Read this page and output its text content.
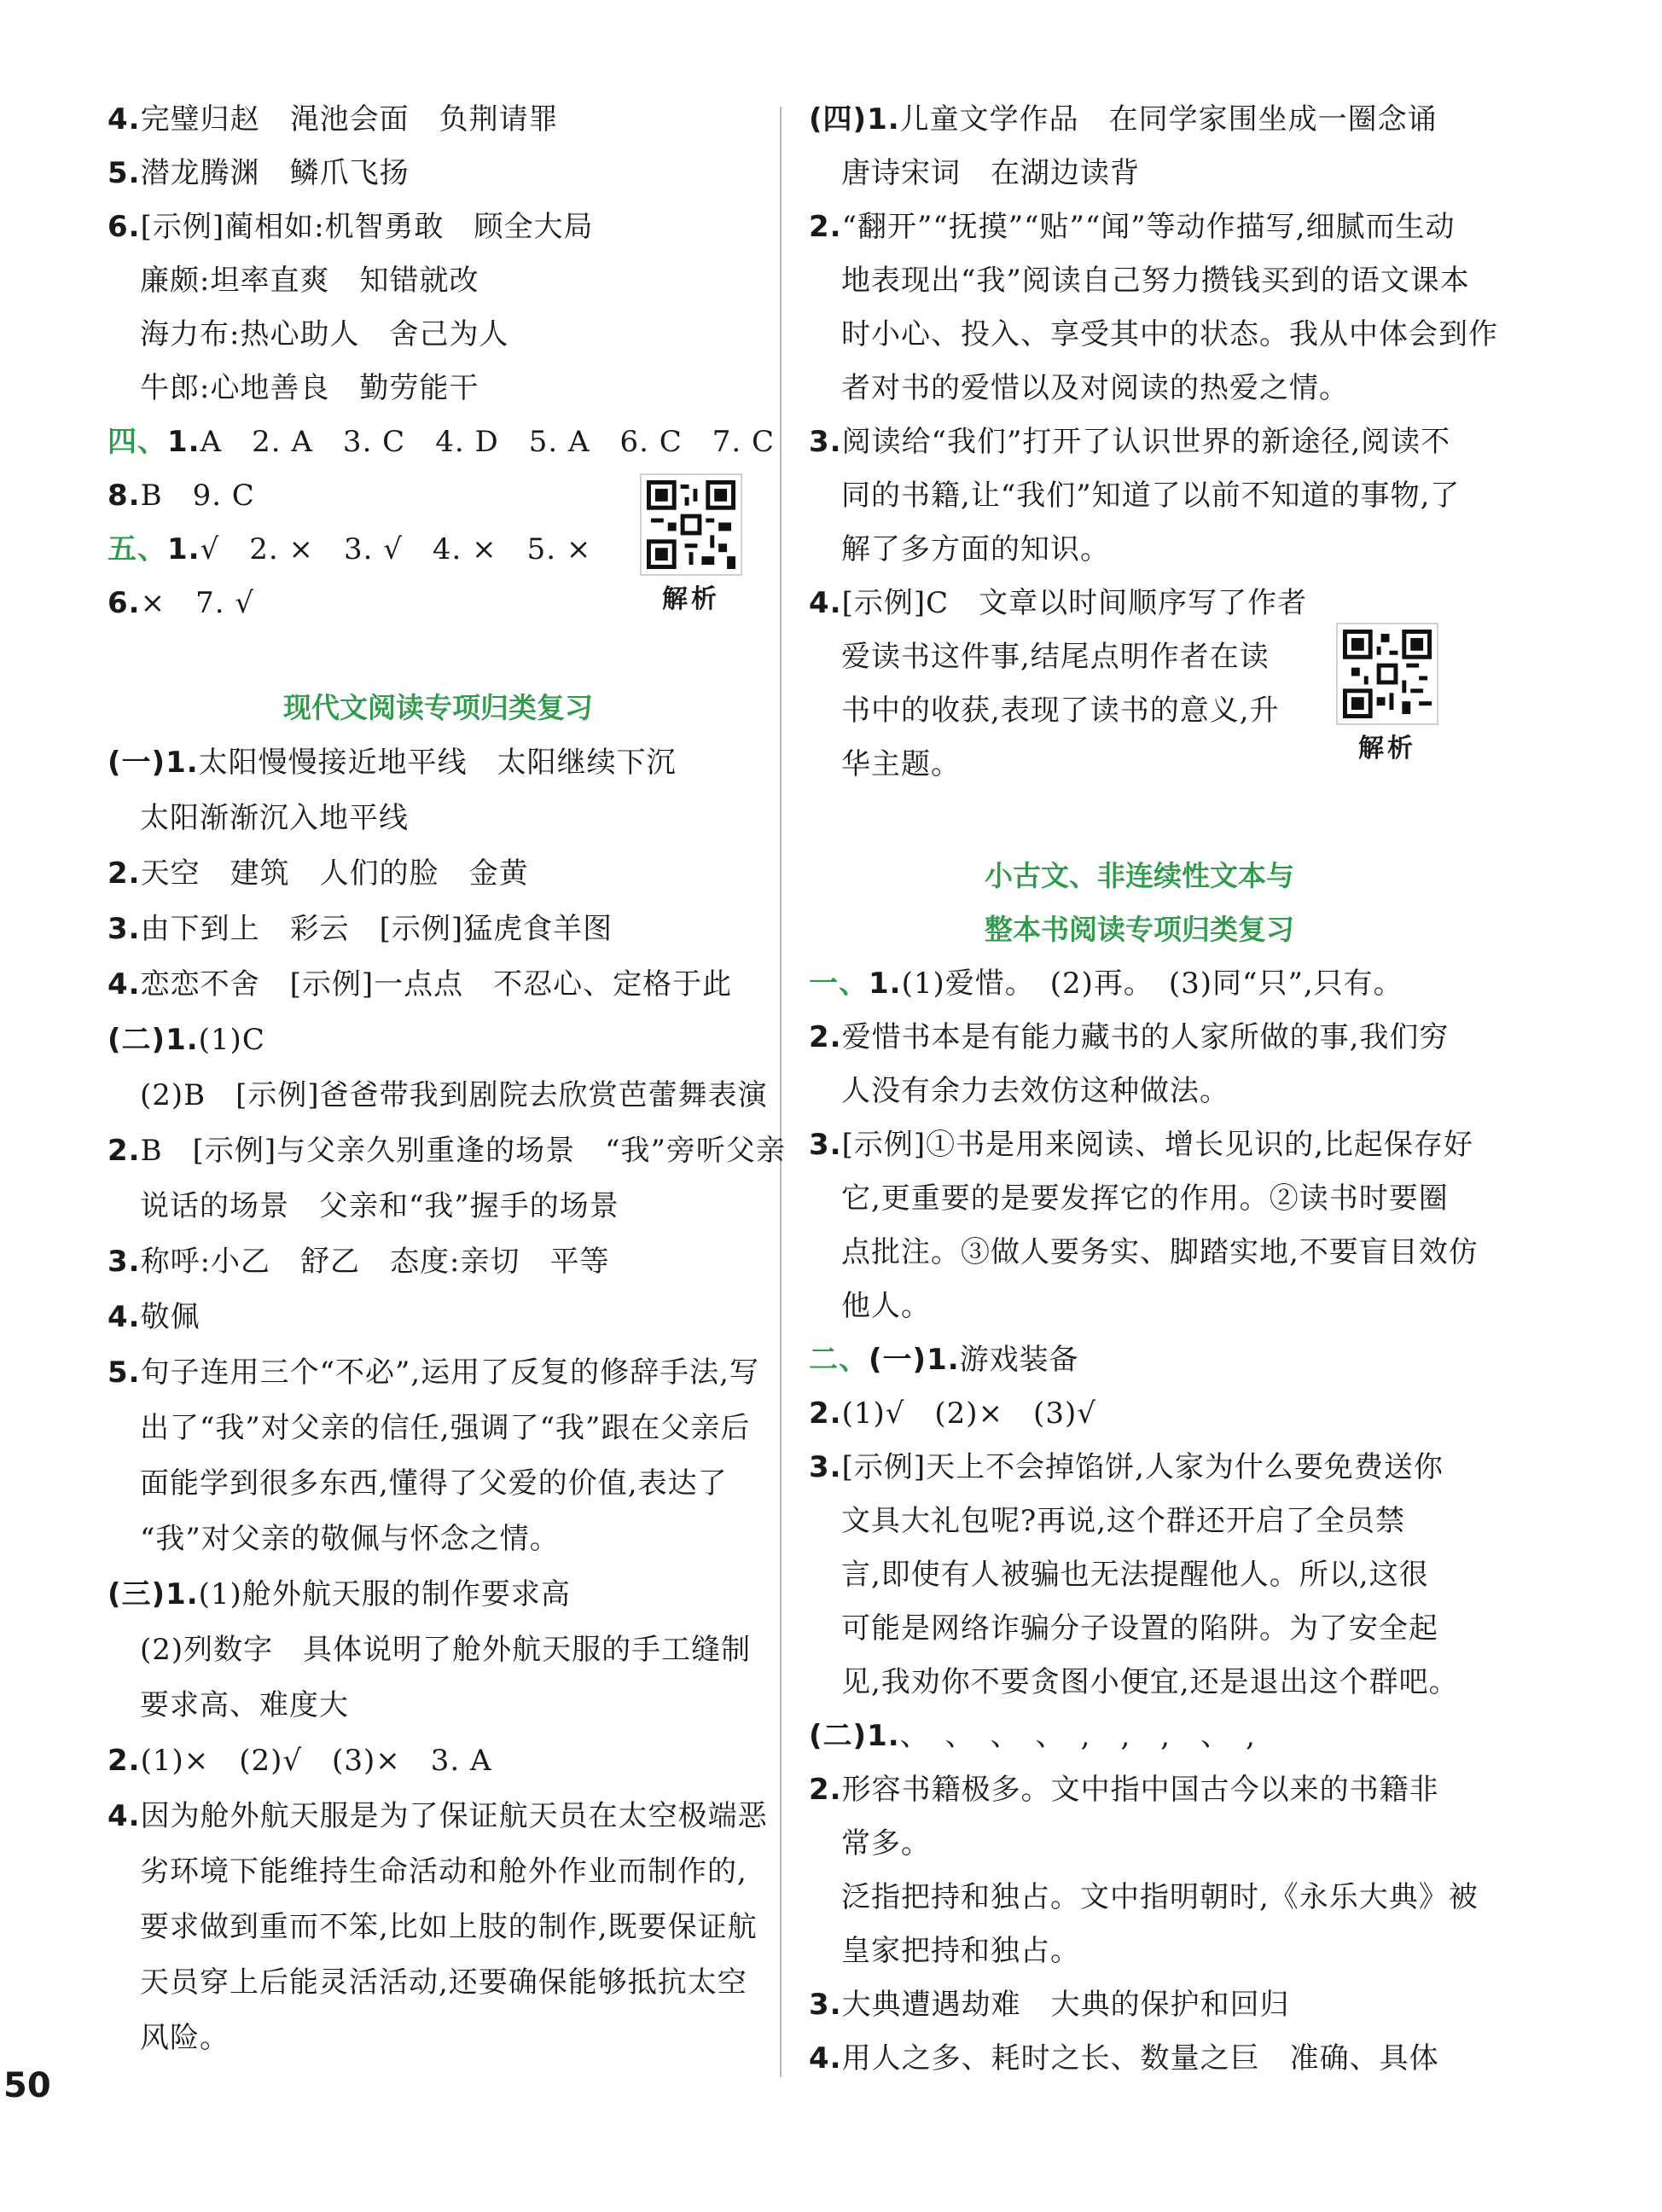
4.完璧归赵　渑池会面　负荆请罪
5.潜龙腾渊　鳞爪飞扬
6.[示例]蔺相如:机智勇敢　顾全大局
廉颇:坦率直爽　知错就改
海力布:热心助人　舍己为人
牛郎:心地善良　勤劳能干
四、1.A　2. A　3. C　4. D　5. A　6. C　7. C
8.B　9. C
五、1.√　2. ×　3. √　4. ×　5. ×
6.×　7. √	解析
现代文阅读专项归类复习
(一)1.太阳慢慢接近地平线　太阳继续下沉
太阳渐渐沉入地平线
2.天空　建筑　人们的脸　金黄
3.由下到上　彩云　[示例]猛虎食羊图
4.恋恋不舍　[示例]一点点　不忍心、定格于此
(二)1.(1)C
(2)B　[示例]爸爸带我到剧院去欣赏芭蕾舞表演
2.B　[示例]与父亲久别重逢的场景　“我”旁听父亲
说话的场景　父亲和“我”握手的场景
3.称呼:小乙　舒乙　态度:亲切　平等
4.敬佩
5.句子连用三个“不必”,运用了反复的修辞手法,写
出了“我”对父亲的信任,强调了“我”跟在父亲后
面能学到很多东西,懂得了父爱的价值,表达了
“我”对父亲的敬佩与怀念之情。
(三)1.(1)舱外航天服的制作要求高
(2)列数字　具体说明了舱外航天服的手工缝制
要求高、难度大
2.(1)×　(2)√　(3)×　3. A
4.因为舱外航天服是为了保证航天员在太空极端恶
劣环境下能维持生命活动和舱外作业而制作的,
要求做到重而不笨,比如上肢的制作,既要保证航
天员穿上后能灵活活动,还要确保能够抵抗太空
风险。
(四)1.儿童文学作品　在同学家围坐成一圈念诵
唐诗宋词　在湖边读背
2.“翻开”“抚摸”“贴”“闻”等动作描写,细腻而生动
地表现出“我”阅读自己努力攒钱买到的语文课本
时小心、投入、享受其中的状态。我从中体会到作
者对书的爱惜以及对阅读的热爱之情。
3.阅读给“我们”打开了认识世界的新途径,阅读不
同的书籍,让“我们”知道了以前不知道的事物,了
解了多方面的知识。
4.[示例]C　文章以时间顺序写了作者
爱读书这件事,结尾点明作者在读
书中的收获,表现了读书的意义,升
华主题。	解析
小古文、非连续性文本与
整本书阅读专项归类复习
一、1.(1)爱惜。　(2)再。　(3)同“只”,只有。
2.爱惜书本是有能力藏书的人家所做的事,我们穷
人没有余力去效仿这种做法。
3.[示例]①书是用来阅读、增长见识的,比起保存好
它,更重要的是要发挥它的作用。②读书时要圈
点批注。③做人要务实、脚踏实地,不要盲目效仿
他人。
二、(一)1.游戏装备
2.(1)√　(2)×　(3)√
3.[示例]天上不会掉馅饼,人家为什么要免费送你
文具大礼包呢?再说,这个群还开启了全员禁
言,即使有人被骗也无法提醒他人。所以,这很
可能是网络诈骗分子设置的陷阱。为了安全起
见,我劝你不要贪图小便宜,还是退出这个群吧。
(二)1.、　、　、　、　,　,　,　、　,
2.形容书籍极多。文中指中国古今以来的书籍非
常多。
泛指把持和独占。文中指明朝时,《永乐大典》被
皇家把持和独占。
3.大典遭遇劫难　大典的保护和回归
4.用人之多、耗时之长、数量之巨　准确、具体
50
